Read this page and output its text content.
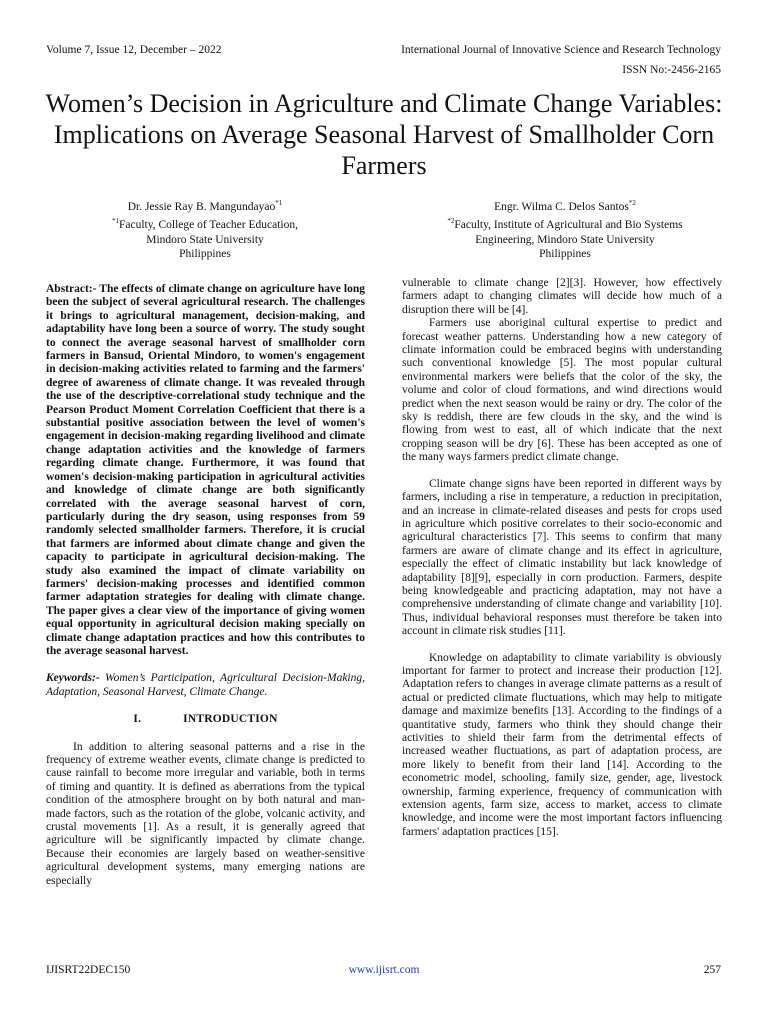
Volume 7, Issue 12, December – 2022	International Journal of Innovative Science and Research Technology
ISSN No:-2456-2165
Women’s Decision in Agriculture and Climate Change Variables: Implications on Average Seasonal Harvest of Smallholder Corn Farmers
Dr. Jessie Ray B. Mangundayao$^{*1}$
$^{*1}$Faculty, College of Teacher Education,
Mindoro State University
Philippines
Engr. Wilma C. Delos Santos$^{*2}$
$^{*2}$Faculty, Institute of Agricultural and Bio Systems
Engineering, Mindoro State University
Philippines

Abstract:- The effects of climate change on agriculture have long been the subject of several agricultural research. The challenges it brings to agricultural management, decision-making, and adaptability have long been a source of worry. The study sought to connect the average seasonal harvest of smallholder corn farmers in Bansud, Oriental Mindoro, to women's engagement in decision-making activities related to farming and the farmers' degree of awareness of climate change. It was revealed through the use of the descriptive-correlational study technique and the Pearson Product Moment Correlation Coefficient that there is a substantial positive association between the level of women's engagement in decision-making regarding livelihood and climate change adaptation activities and the knowledge of farmers regarding climate change. Furthermore, it was found that women's decision-making participation in agricultural activities and knowledge of climate change are both significantly correlated with the average seasonal harvest of corn, particularly during the dry season, using responses from 59 randomly selected smallholder farmers. Therefore, it is crucial that farmers are informed about climate change and given the capacity to participate in agricultural decision-making. The study also examined the impact of climate variability on farmers' decision-making processes and identified common farmer adaptation strategies for dealing with climate change. The paper gives a clear view of the importance of giving women equal opportunity in agricultural decision making specially on climate change adaptation practices and how this contributes to the average seasonal harvest.

Keywords:- Women’s Participation, Agricultural Decision-Making, Adaptation, Seasonal Harvest, Climate Change.

I.	INTRODUCTION

In addition to altering seasonal patterns and a rise in the frequency of extreme weather events, climate change is predicted to cause rainfall to become more irregular and variable, both in terms of timing and quantity. It is defined as aberrations from the typical condition of the atmosphere brought on by both natural and man-made factors, such as the rotation of the globe, volcanic activity, and crustal movements [1]. As a result, it is generally agreed that agriculture will be significantly impacted by climate change. Because their economies are largely based on weather-sensitive agricultural development systems, many emerging nations are especially

vulnerable to climate change [2][3]. However, how effectively farmers adapt to changing climates will decide how much of a disruption there will be [4].

Farmers use aboriginal cultural expertise to predict and forecast weather patterns. Understanding how a new category of climate information could be embraced begins with understanding such conventional knowledge [5]. The most popular cultural environmental markers were beliefs that the color of the sky, the volume and color of cloud formations, and wind directions would predict when the next season would be rainy or dry. The color of the sky is reddish, there are few clouds in the sky, and the wind is flowing from west to east, all of which indicate that the next cropping season will be dry [6]. These has been accepted as one of the many ways farmers predict climate change.

Climate change signs have been reported in different ways by farmers, including a rise in temperature, a reduction in precipitation, and an increase in climate-related diseases and pests for crops used in agriculture which positive correlates to their socio-economic and agricultural characteristics [7]. This seems to confirm that many farmers are aware of climate change and its effect in agriculture, especially the effect of climatic instability but lack knowledge of adaptability [8][9], especially in corn production. Farmers, despite being knowledgeable and practicing adaptation, may not have a comprehensive understanding of climate change and variability [10]. Thus, individual behavioral responses must therefore be taken into account in climate risk studies [11].

Knowledge on adaptability to climate variability is obviously important for farmer to protect and increase their production [12]. Adaptation refers to changes in average climate patterns as a result of actual or predicted climate fluctuations, which may help to mitigate damage and maximize benefits [13]. According to the findings of a quantitative study, farmers who think they should change their activities to shield their farm from the detrimental effects of increased weather fluctuations, as part of adaptation process, are more likely to benefit from their land [14]. According to the econometric model, schooling, family size, gender, age, livestock ownership, farming experience, frequency of communication with extension agents, farm size, access to market, access to climate knowledge, and income were the most important factors influencing farmers' adaptation practices [15].

IJISRT22DEC150	www.ijisrt.com	257
